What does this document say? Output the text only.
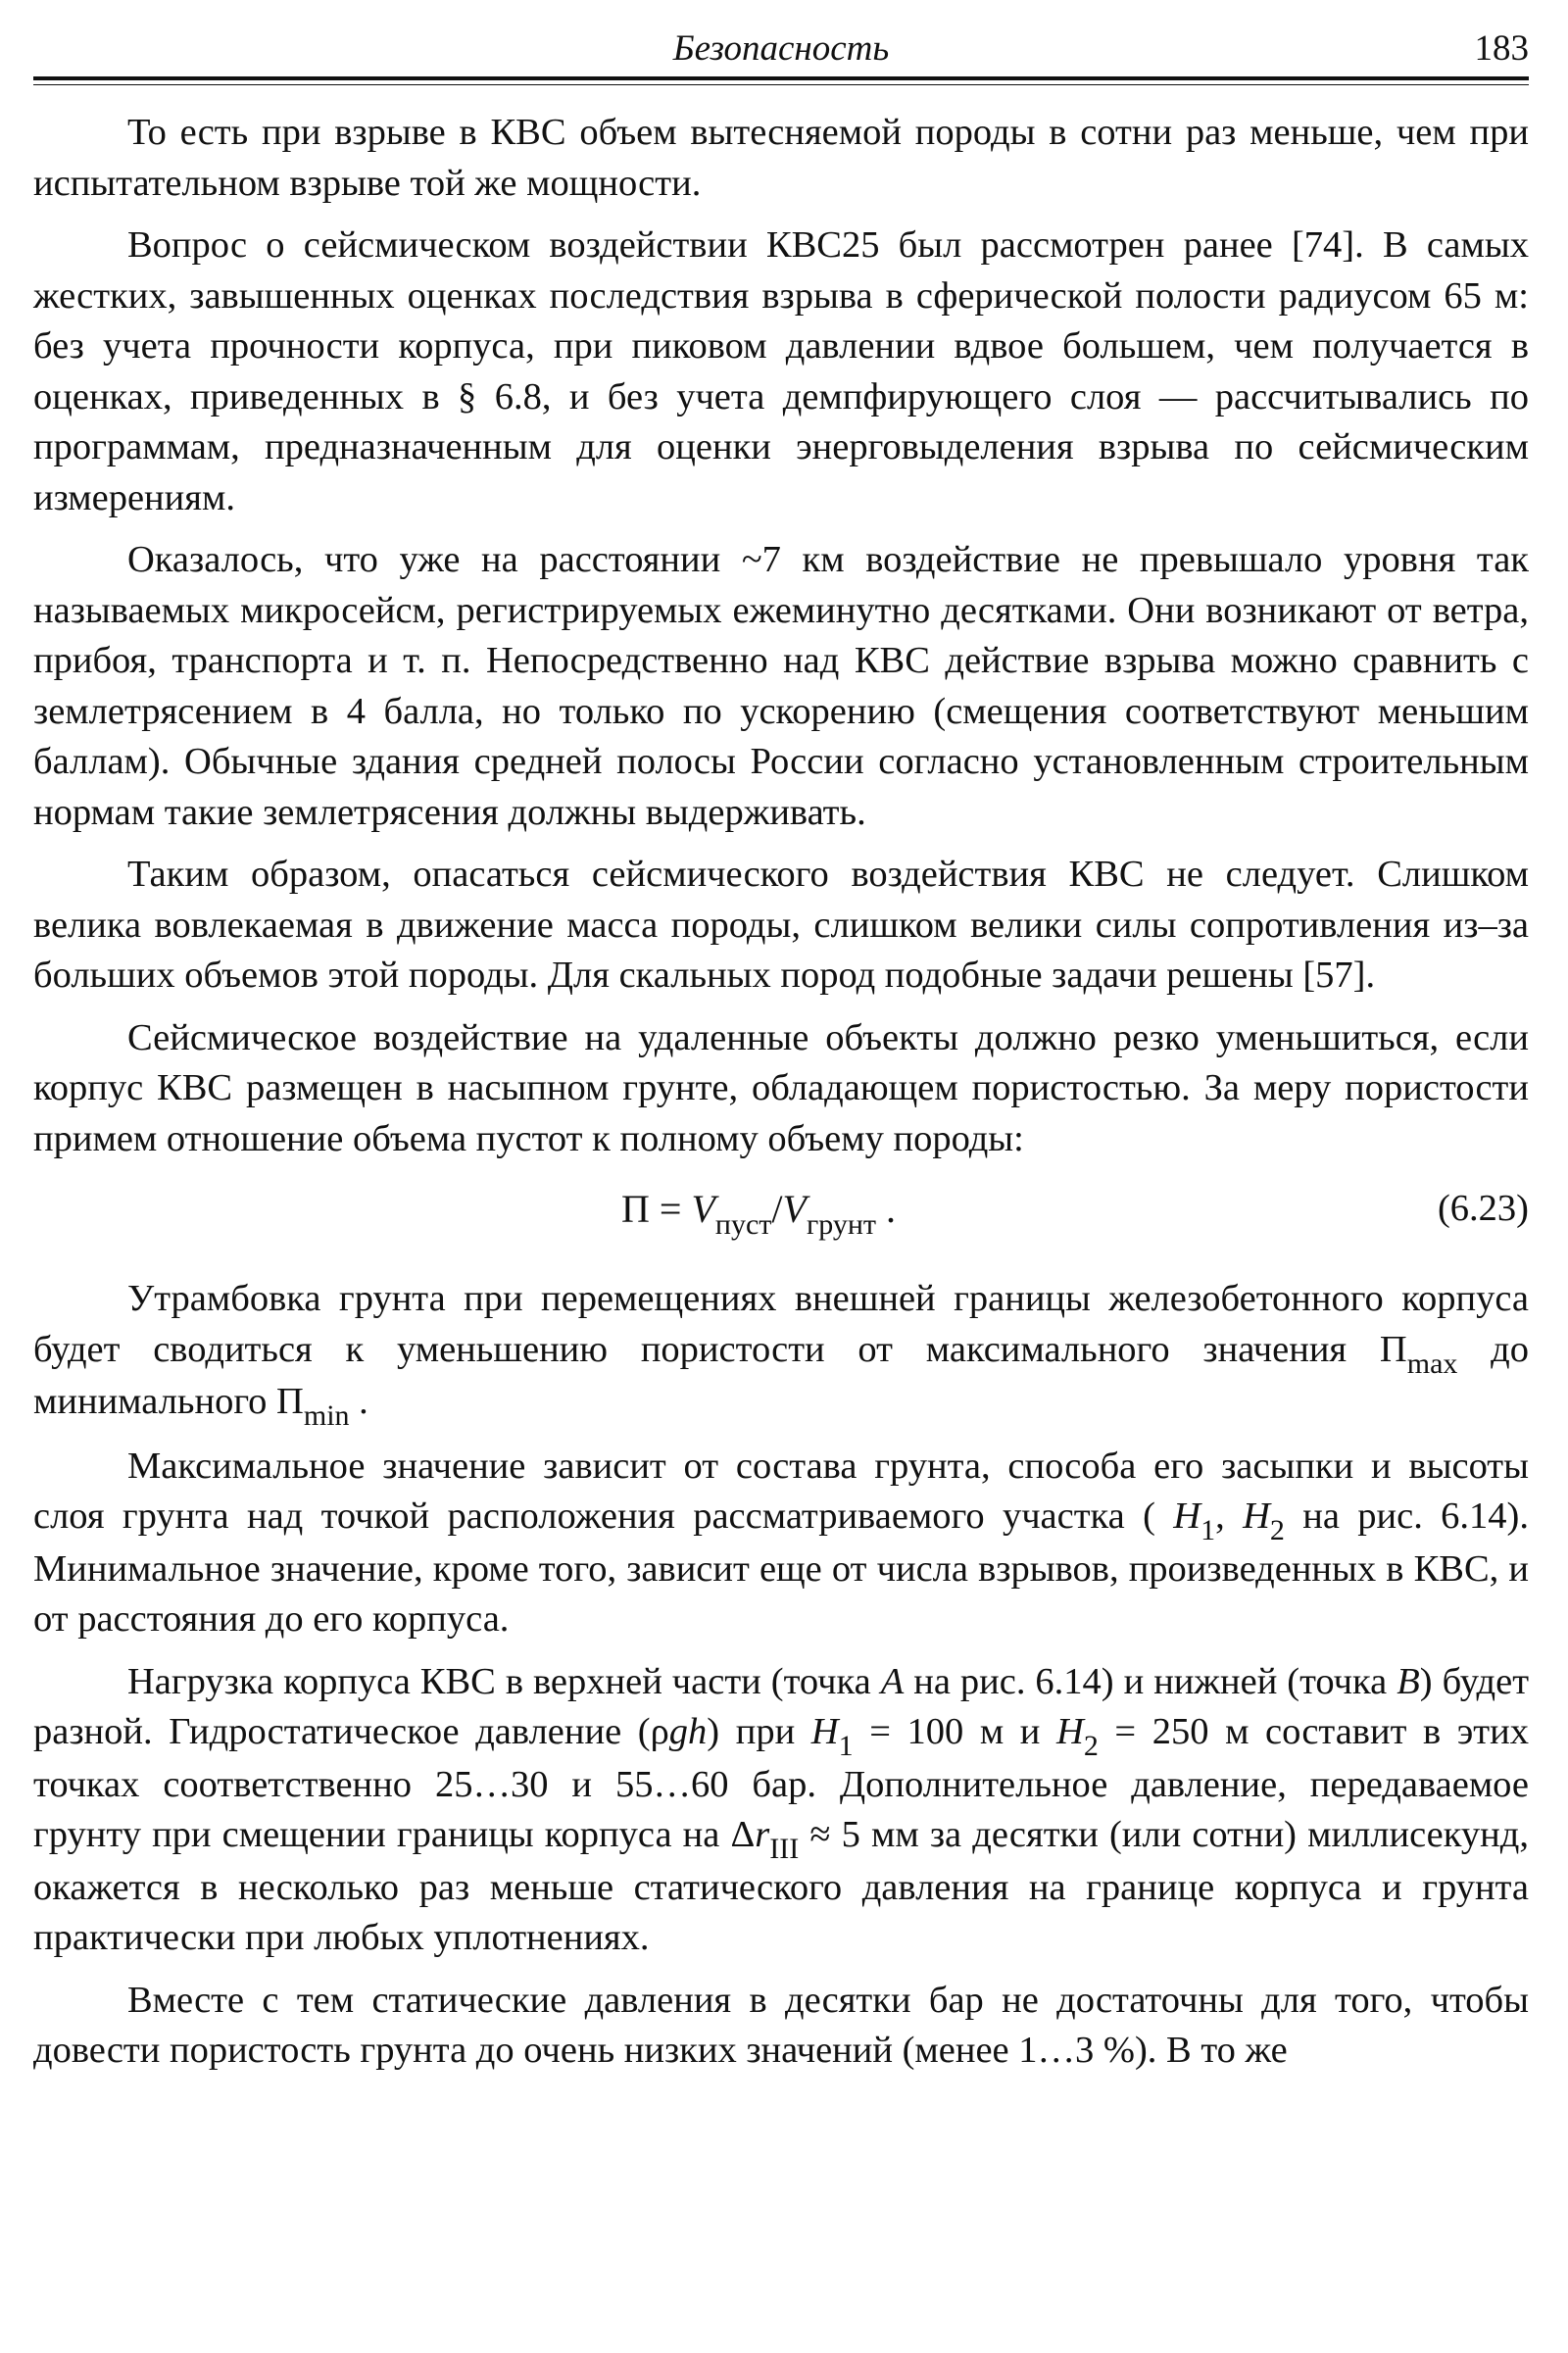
Безопасность	183

То есть при взрыве в КВС объем вытесняемой породы в сотни раз меньше, чем при испытательном взрыве той же мощности.

Вопрос о сейсмическом воздействии КВС25 был рассмотрен ранее [74]. В самых жестких, завышенных оценках последствия взрыва в сферической полости радиусом 65 м: без учета прочности корпуса, при пиковом давлении вдвое большем, чем получается в оценках, приведенных в § 6.8, и без учета демпфирующего слоя — рассчитывались по программам, предназначенным для оценки энерговыделения взрыва по сейсмическим измерениям.

Оказалось, что уже на расстоянии ~7 км воздействие не превышало уровня так называемых микросейсм, регистрируемых ежеминутно десятками. Они возникают от ветра, прибоя, транспорта и т. п. Непосредственно над КВС действие взрыва можно сравнить с землетрясением в 4 балла, но только по ускорению (смещения соответствуют меньшим баллам). Обычные здания средней полосы России согласно установленным строительным нормам такие землетрясения должны выдерживать.

Таким образом, опасаться сейсмического воздействия КВС не следует. Слишком велика вовлекаемая в движение масса породы, слишком велики силы сопротивления из–за больших объемов этой породы. Для скальных пород подобные задачи решены [57].

Сейсмическое воздействие на удаленные объекты должно резко уменьшиться, если корпус КВС размещен в насыпном грунте, обладающем пористостью. За меру пористости примем отношение объема пустот к полному объему породы:

$П = V_{пуст}/V_{грунт}$ .	(6.23)

Утрамбовка грунта при перемещениях внешней границы железобетонного корпуса будет сводиться к уменьшению пористости от максимального значения $П_{max}$ до минимального $П_{min}$ .

Максимальное значение зависит от состава грунта, способа его засыпки и высоты слоя грунта над точкой расположения рассматриваемого участка ( $H_1$, $H_2$ на рис. 6.14). Минимальное значение, кроме того, зависит еще от числа взрывов, произведенных в КВС, и от расстояния до его корпуса.

Нагрузка корпуса КВС в верхней части (точка A на рис. 6.14) и нижней (точка B) будет разной. Гидростатическое давление (ρgh) при $H_1 = 100$ м и $H_2 = 250$ м составит в этих точках соответственно 25…30 и 55…60 бар. Дополнительное давление, передаваемое грунту при смещении границы корпуса на $\Delta r_{III} \approx 5$ мм за десятки (или сотни) миллисекунд, окажется в несколько раз меньше статического давления на границе корпуса и грунта практически при любых уплотнениях.

Вместе с тем статические давления в десятки бар не достаточны для того, чтобы довести пористость грунта до очень низких значений (менее 1…3 %). В то же
